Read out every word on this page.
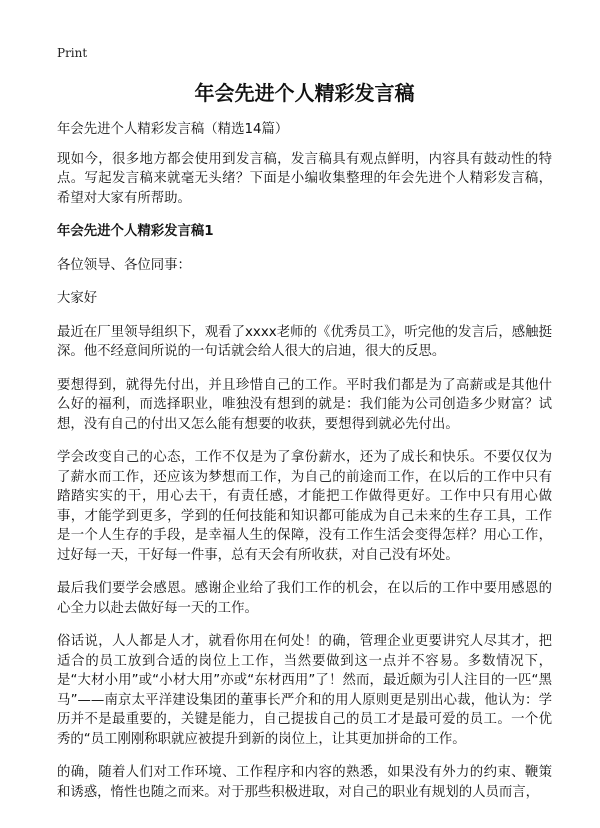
Print
年会先进个人精彩发言稿

年会先进个人精彩发言稿（精选14篇）

现如今，很多地方都会使用到发言稿，发言稿具有观点鲜明，内容具有鼓动性的特点。写起发言稿来就毫无头绪？下面是小编收集整理的年会先进个人精彩发言稿，希望对大家有所帮助。

年会先进个人精彩发言稿1

各位领导、各位同事：

大家好

最近在厂里领导组织下，观看了xxxx老师的《优秀员工》，听完他的发言后，感触挺深。他不经意间所说的一句话就会给人很大的启迪，很大的反思。

要想得到，就得先付出，并且珍惜自己的工作。平时我们都是为了高薪或是其他什么好的福利，而选择职业，唯独没有想到的就是：我们能为公司创造多少财富？试想，没有自己的付出又怎么能有想要的收获，要想得到就必先付出。

学会改变自己的心态，工作不仅是为了拿份薪水，还为了成长和快乐。不要仅仅为了薪水而工作，还应该为梦想而工作，为自己的前途而工作，在以后的工作中只有踏踏实实的干，用心去干，有责任感，才能把工作做得更好。工作中只有用心做事，才能学到更多，学到的任何技能和知识都可能成为自己未来的生存工具，工作是一个人生存的手段，是幸福人生的保障，没有工作生活会变得怎样？用心工作，过好每一天，干好每一件事，总有天会有所收获，对自己没有坏处。

最后我们要学会感恩。感谢企业给了我们工作的机会，在以后的工作中要用感恩的心全力以赴去做好每一天的工作。

俗话说，人人都是人才，就看你用在何处！的确，管理企业更要讲究人尽其才，把适合的员工放到合适的岗位上工作，当然要做到这一点并不容易。多数情况下，是“大材小用”或“小材大用”亦或“东材西用”了！然而，最近颇为引人注目的一匹“黑马”——南京太平洋建设集团的董事长严介和的用人原则更是别出心裁，他认为：学历并不是最重要的，关键是能力，自己提拔自己的员工才是最可爱的员工。一个优秀的“员工刚刚称职就应被提升到新的岗位上，让其更加拼命的工作。

的确，随着人们对工作环境、工作程序和内容的熟悉，如果没有外力的约束、鞭策和诱惑，惰性也随之而来。对于那些积极进取，对自己的职业有规划的人员而言，
